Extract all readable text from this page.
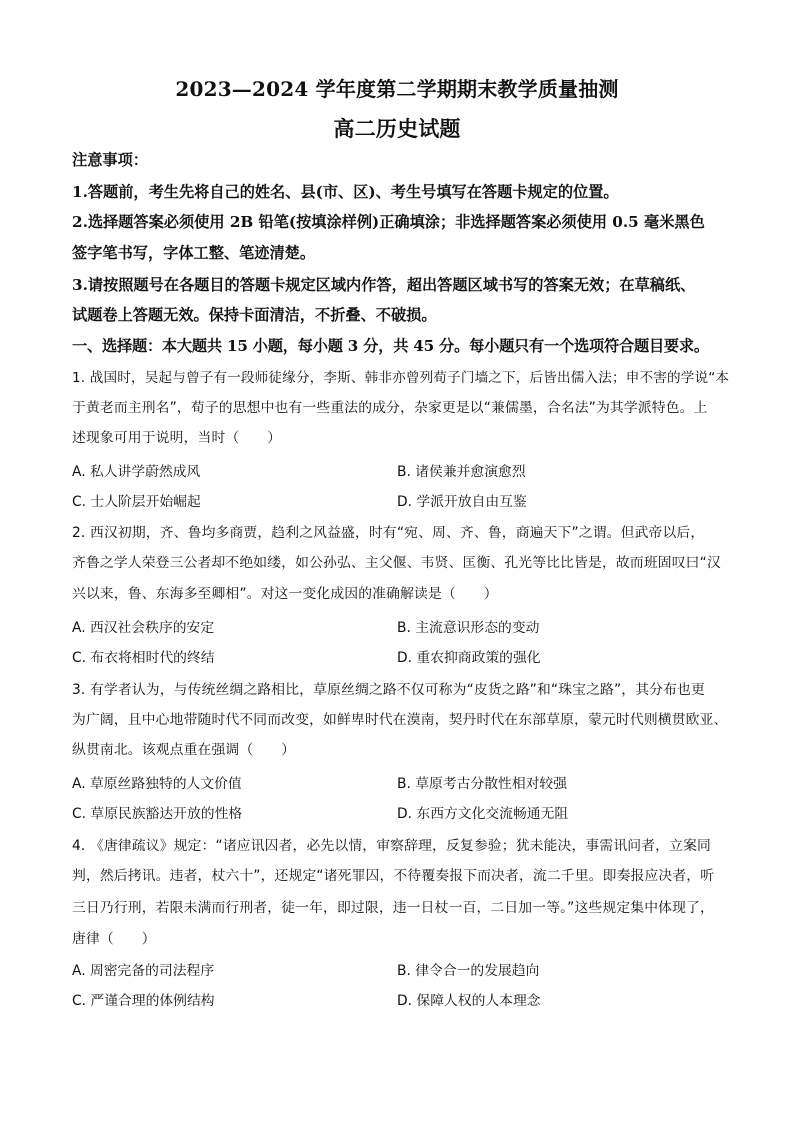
2023—2024 学年度第二学期期末教学质量抽测
高二历史试题
注意事项：
1.答题前，考生先将自己的姓名、县(市、区)、考生号填写在答题卡规定的位置。
2.选择题答案必须使用 2B 铅笔(按填涂样例)正确填涂；非选择题答案必须使用 0.5 毫米黑色
签字笔书写，字体工整、笔迹清楚。
3.请按照题号在各题目的答题卡规定区域内作答，超出答题区域书写的答案无效；在草稿纸、
试题卷上答题无效。保持卡面清洁，不折叠、不破损。
一、选择题：本大题共 15 小题，每小题 3 分，共 45 分。每小题只有一个选项符合题目要求。
1. 战国时，吴起与曾子有一段师徒缘分，李斯、韩非亦曾列荀子门墙之下，后皆出儒入法；申不害的学说“本
于黄老而主刑名”，荀子的思想中也有一些重法的成分，杂家更是以“兼儒墨，合名法”为其学派特色。上
述现象可用于说明，当时（　　）
A. 私人讲学蔚然成风	B. 诸侯兼并愈演愈烈
C. 士人阶层开始崛起	D. 学派开放自由互鉴
2. 西汉初期，齐、鲁均多商贾，趋利之风益盛，时有“宛、周、齐、鲁，商遍天下”之谓。但武帝以后，
齐鲁之学人荣登三公者却不绝如缕，如公孙弘、主父偃、韦贤、匡衡、孔光等比比皆是，故而班固叹曰“汉
兴以来，鲁、东海多至卿相”。对这一变化成因的准确解读是（　　）
A. 西汉社会秩序的安定	B. 主流意识形态的变动
C. 布衣将相时代的终结	D. 重农抑商政策的强化
3. 有学者认为，与传统丝绸之路相比，草原丝绸之路不仅可称为“皮货之路”和“珠宝之路”，其分布也更
为广阔，且中心地带随时代不同而改变，如鲜卑时代在漠南，契丹时代在东部草原，蒙元时代则横贯欧亚、
纵贯南北。该观点重在强调（　　）
A. 草原丝路独特的人文价值	B. 草原考古分散性相对较强
C. 草原民族豁达开放的性格	D. 东西方文化交流畅通无阻
4. 《唐律疏议》规定：“诸应讯囚者，必先以情，审察辞理，反复参验；犹未能决，事需讯问者，立案同
判，然后拷讯。违者，杖六十”，还规定“诸死罪囚，不待覆奏报下而决者，流二千里。即奏报应决者，听
三日乃行刑，若限未满而行刑者，徒一年，即过限，违一日杖一百，二日加一等。”这些规定集中体现了，
唐律（　　）
A. 周密完备的司法程序	B. 律令合一的发展趋向
C. 严谨合理的体例结构	D. 保障人权的人本理念
